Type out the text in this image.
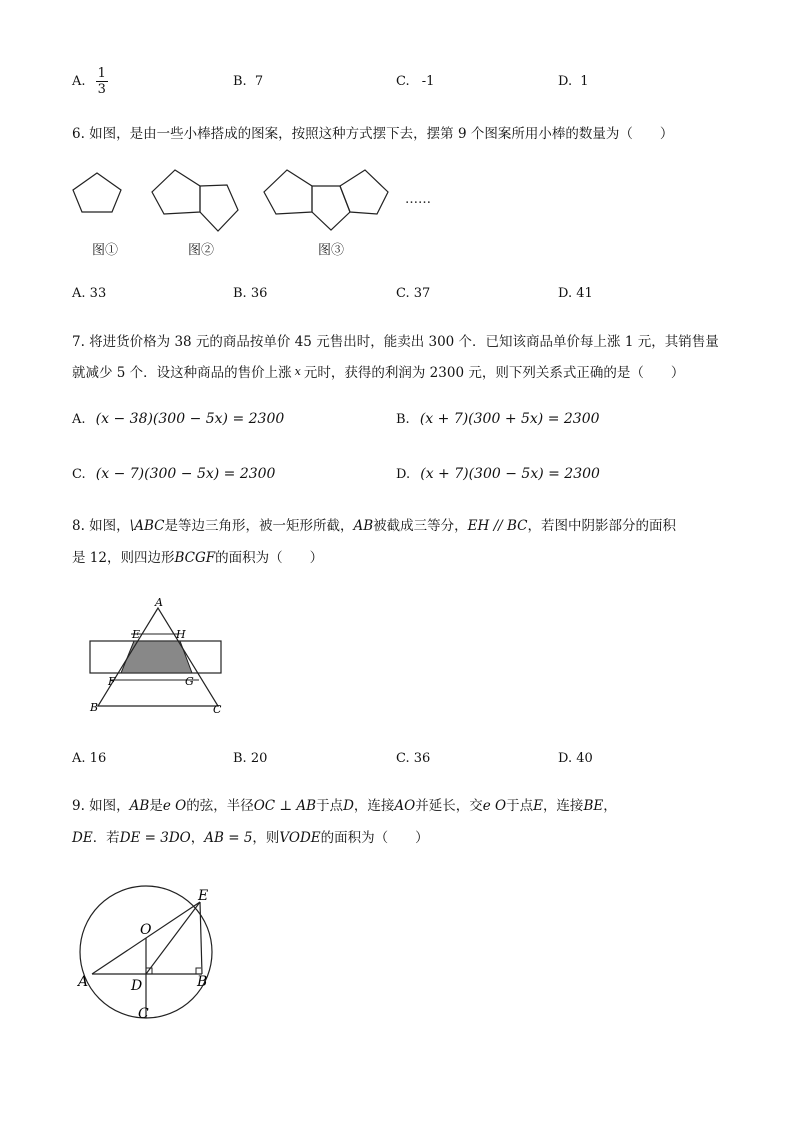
A. $\frac{1}{3}$	B. 7	C. -1	D. 1
6. 如图，是由一些小棒搭成的图案，按照这种方式摆下去，摆第 9 个图案所用小棒的数量为（　　）
……
图①	图②	图③
A. 33	B. 36	C. 37	D. 41
7. 将进货价格为 38 元的商品按单价 45 元售出时，能卖出 300 个．已知该商品单价每上涨 1 元，其销售量
就减少 5 个．设这种商品的售价上涨 x 元时，获得的利润为 2300 元，则下列关系式正确的是（　　）
A. (x − 38)(300 − 5x) = 2300	B. (x + 7)(300 + 5x) = 2300
C. (x − 7)(300 − 5x) = 2300	D. (x + 7)(300 − 5x) = 2300
8. 如图，\ABC是等边三角形，被一矩形所截，AB被截成三等分，EH // BC，若图中阴影部分的面积
是 12，则四边形BCGF的面积为（　　）
A
E	H
F	G
B	C
A. 16	B. 20	C. 36	D. 40
9. 如图，AB是e O的弦，半径OC ⊥ AB于点D，连接AO并延长，交e O于点E，连接BE，
DE．若DE = 3DO，AB = 5，则VODE的面积为（　　）
O
E
A	D	B
C
